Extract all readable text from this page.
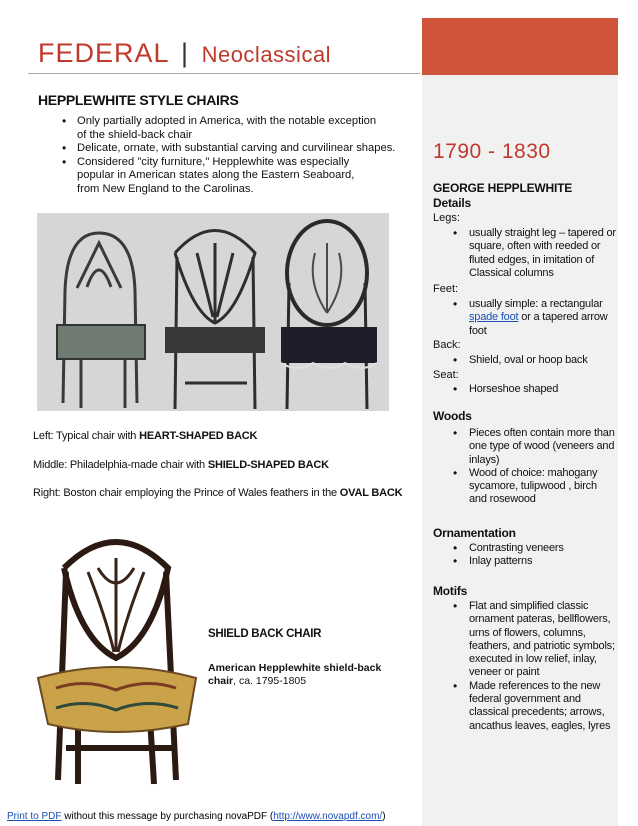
FEDERAL | Neoclassical
HEPPLEWHITE STYLE CHAIRS
• Only partially adopted in America, with the notable exception of the shield-back chair
• Delicate, ornate, with substantial carving and curvilinear shapes.
• Considered "city furniture," Hepplewhite was especially popular in American states along the Eastern Seaboard, from New England to the Carolinas.
Left: Typical chair with HEART-SHAPED BACK
Middle: Philadelphia-made chair with SHIELD-SHAPED BACK
Right: Boston chair employing the Prince of Wales feathers in the OVAL BACK
SHIELD BACK CHAIR
American Hepplewhite shield-back chair, ca. 1795-1805
1790 - 1830
GEORGE HEPPLEWHITE
Details
Legs:
• usually straight leg – tapered or square, often with reeded or fluted edges, in imitation of Classical columns
Feet:
• usually simple: a rectangular spade foot or a tapered arrow foot
Back:
• Shield, oval or hoop back
Seat:
• Horseshoe shaped
Woods
• Pieces often contain more than one type of wood (veneers and inlays)
• Wood of choice: mahogany sycamore, tulipwood , birch and rosewood
Ornamentation
• Contrasting veneers
• Inlay patterns
Motifs
• Flat and simplified classic ornament pateras, bellflowers, urns of flowers, columns, feathers, and patriotic symbols; executed in low relief, inlay, veneer or paint
• Made references to the new federal government and classical precedents; arrows, ancathus leaves, eagles, lyres
Print to PDF without this message by purchasing novaPDF (http://www.novapdf.com/)
